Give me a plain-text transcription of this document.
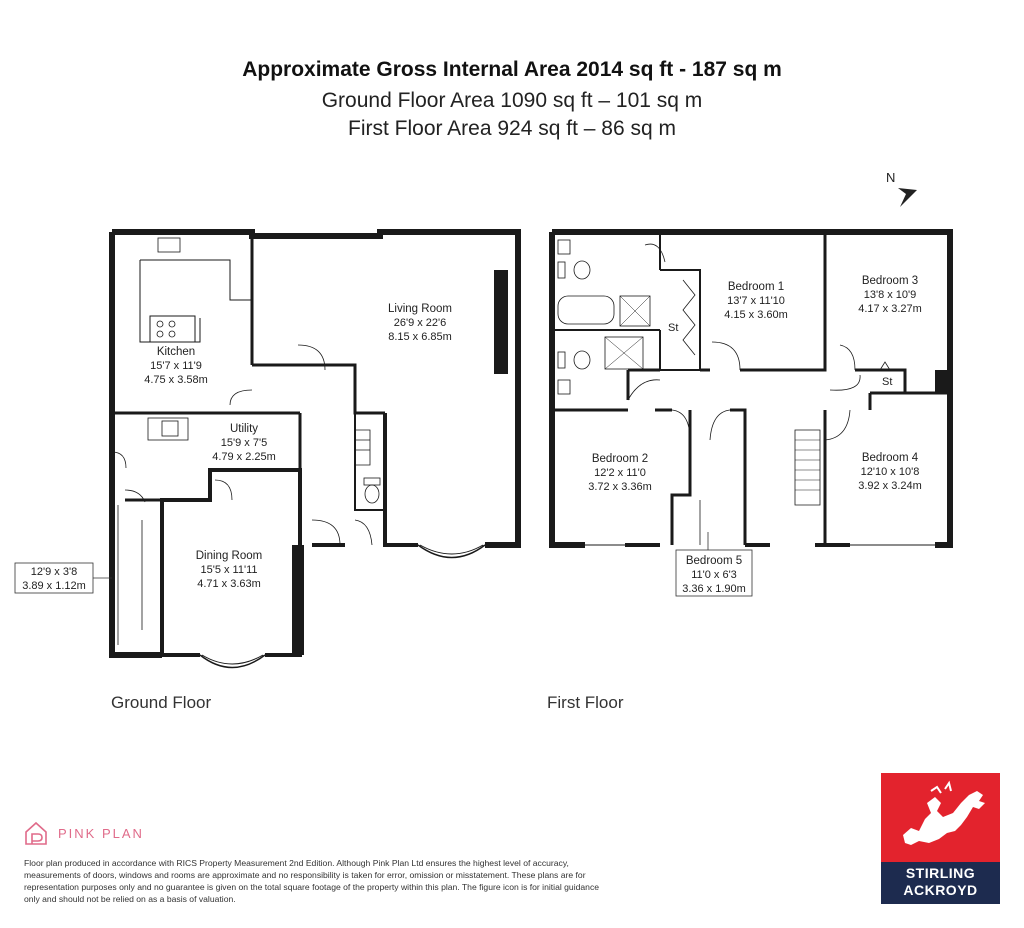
Approximate Gross Internal Area 2014 sq ft - 187 sq m
Ground Floor Area 1090 sq ft – 101 sq m
First Floor Area 924 sq ft – 86 sq m
N
Kitchen
15'7 x 11'9
4.75 x 3.58m
Living Room
26'9 x 22'6
8.15 x 6.85m
Utility
15'9 x 7'5
4.79 x 2.25m
Dining Room
15'5 x 11'11
4.71 x 3.63m
12'9 x 3'8
3.89 x 1.12m
Ground Floor
Bedroom 1
13'7 x 11'10
4.15 x 3.60m
Bedroom 3
13'8 x 10'9
4.17 x 3.27m
Bedroom 2
12'2 x 11'0
3.72 x 3.36m
Bedroom 4
12'10 x 10'8
3.92 x 3.24m
Bedroom 5
11'0 x 6'3
3.36 x 1.90m
St
St
First Floor
PINK PLAN
Floor plan produced in accordance with RICS Property Measurement 2nd Edition. Although Pink Plan Ltd ensures the highest level of accuracy, measurements of doors, windows and rooms are approximate and no responsibility is taken for error, omission or misstatement. These plans are for representation purposes only and no guarantee is given on the total square footage of the property within this plan. The figure icon is for initial guidance only and should not be relied on as a basis of valuation.
STIRLING
ACKROYD
